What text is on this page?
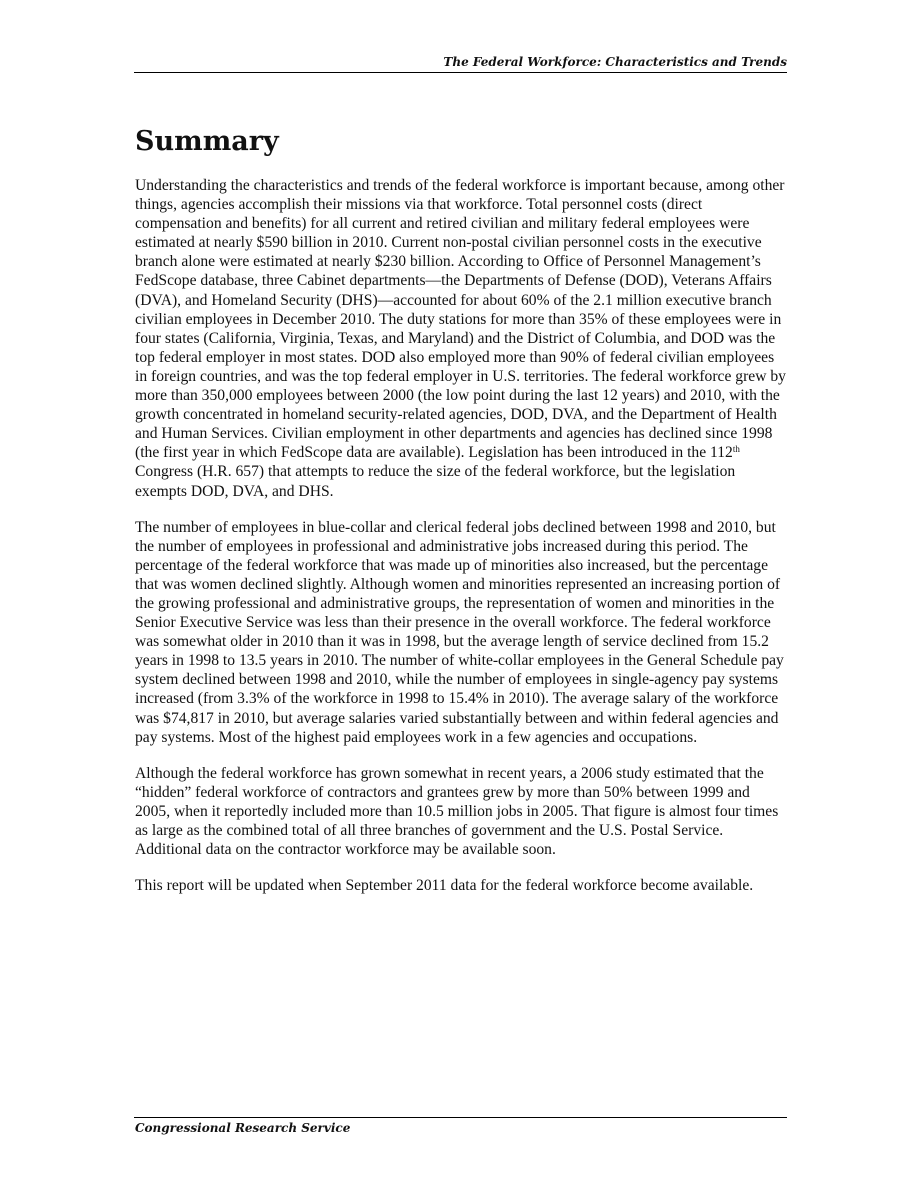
The Federal Workforce: Characteristics and Trends
Summary

Understanding the characteristics and trends of the federal workforce is important because, among other things, agencies accomplish their missions via that workforce. Total personnel costs (direct compensation and benefits) for all current and retired civilian and military federal employees were estimated at nearly $590 billion in 2010. Current non-postal civilian personnel costs in the executive branch alone were estimated at nearly $230 billion. According to Office of Personnel Management’s FedScope database, three Cabinet departments—the Departments of Defense (DOD), Veterans Affairs (DVA), and Homeland Security (DHS)—accounted for about 60% of the 2.1 million executive branch civilian employees in December 2010. The duty stations for more than 35% of these employees were in four states (California, Virginia, Texas, and Maryland) and the District of Columbia, and DOD was the top federal employer in most states. DOD also employed more than 90% of federal civilian employees in foreign countries, and was the top federal employer in U.S. territories. The federal workforce grew by more than 350,000 employees between 2000 (the low point during the last 12 years) and 2010, with the growth concentrated in homeland security-related agencies, DOD, DVA, and the Department of Health and Human Services. Civilian employment in other departments and agencies has declined since 1998 (the first year in which FedScope data are available). Legislation has been introduced in the 112th Congress (H.R. 657) that attempts to reduce the size of the federal workforce, but the legislation exempts DOD, DVA, and DHS.

The number of employees in blue-collar and clerical federal jobs declined between 1998 and 2010, but the number of employees in professional and administrative jobs increased during this period. The percentage of the federal workforce that was made up of minorities also increased, but the percentage that was women declined slightly. Although women and minorities represented an increasing portion of the growing professional and administrative groups, the representation of women and minorities in the Senior Executive Service was less than their presence in the overall workforce. The federal workforce was somewhat older in 2010 than it was in 1998, but the average length of service declined from 15.2 years in 1998 to 13.5 years in 2010. The number of white-collar employees in the General Schedule pay system declined between 1998 and 2010, while the number of employees in single-agency pay systems increased (from 3.3% of the workforce in 1998 to 15.4% in 2010). The average salary of the workforce was $74,817 in 2010, but average salaries varied substantially between and within federal agencies and pay systems. Most of the highest paid employees work in a few agencies and occupations.

Although the federal workforce has grown somewhat in recent years, a 2006 study estimated that the “hidden” federal workforce of contractors and grantees grew by more than 50% between 1999 and 2005, when it reportedly included more than 10.5 million jobs in 2005. That figure is almost four times as large as the combined total of all three branches of government and the U.S. Postal Service. Additional data on the contractor workforce may be available soon.

This report will be updated when September 2011 data for the federal workforce become available.

Congressional Research Service
